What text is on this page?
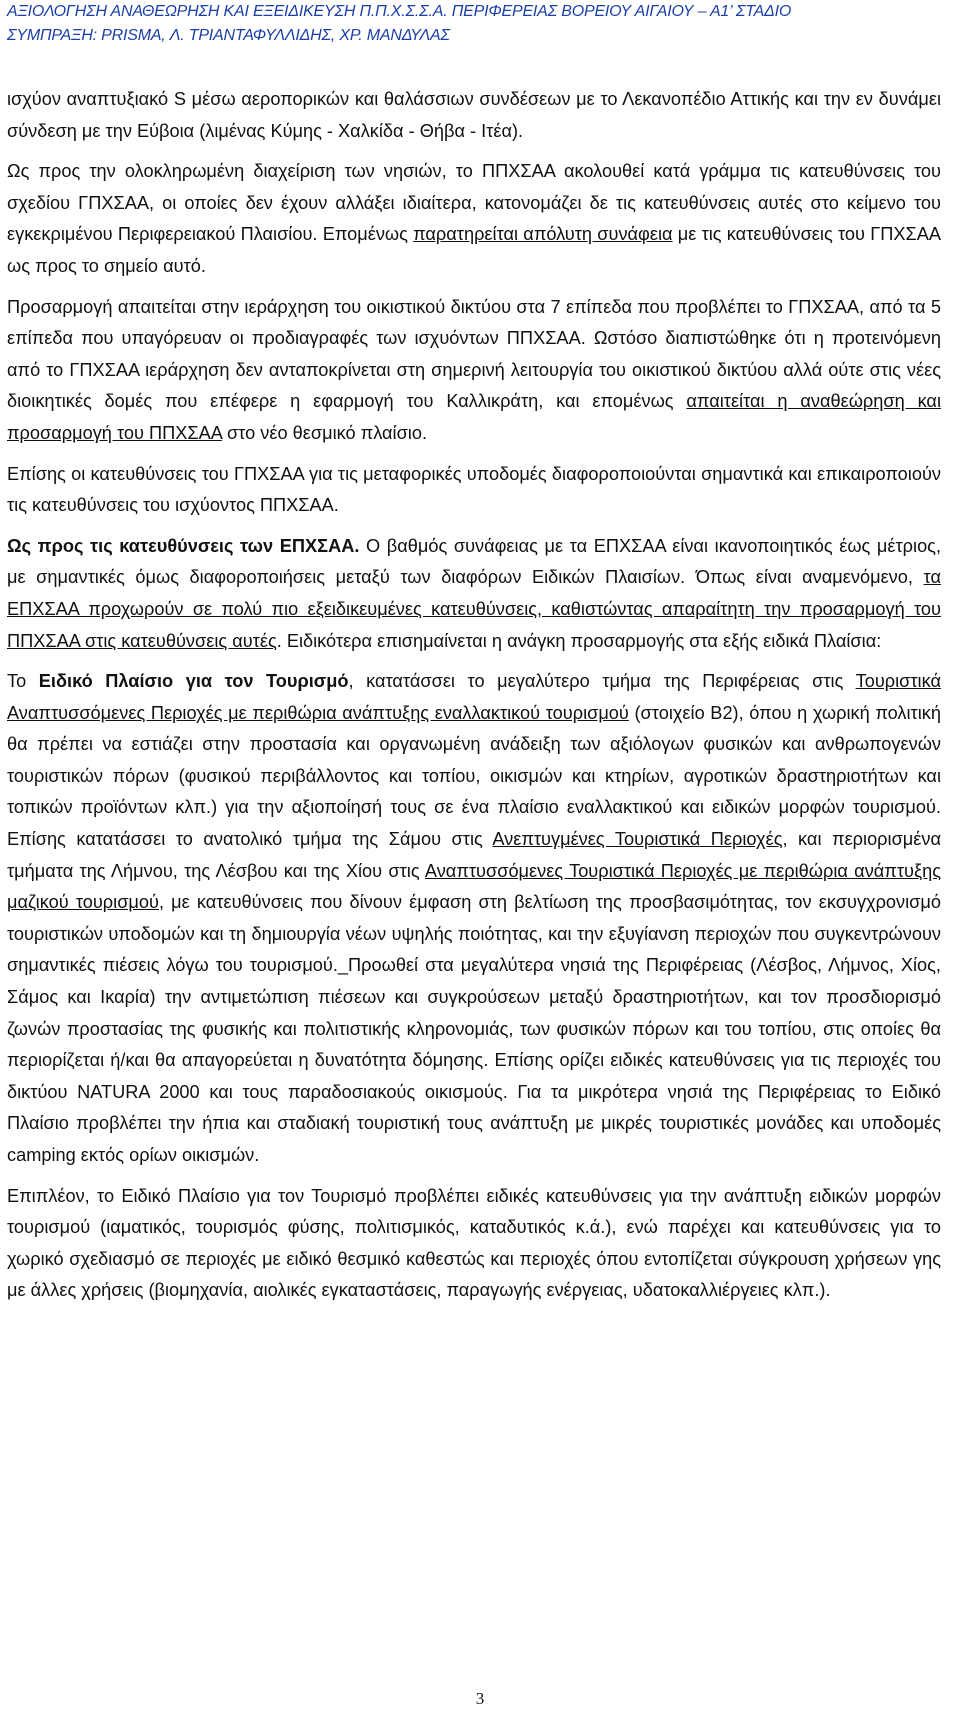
ΑΞΙΟΛΟΓΗΣΗ ΑΝΑΘΕΩΡΗΣΗ ΚΑΙ ΕΞΕΙΔΙΚΕΥΣΗ Π.Π.Χ.Σ.Σ.Α. ΠΕΡΙΦΕΡΕΙΑΣ ΒΟΡΕΙΟΥ ΑΙΓΑΙΟΥ – Α1’ ΣΤΑΔΙΟ
ΣΥΜΠΡΑΞΗ: PRISMA, Λ. ΤΡΙΑΝΤΑΦΥΛΛΙΔΗΣ, ΧΡ. ΜΑΝΔΥΛΑΣ

ισχύον αναπτυξιακό S μέσω αεροπορικών και θαλάσσιων συνδέσεων με το Λεκανοπέδιο Αττικής και την εν δυνάμει σύνδεση με την Εύβοια (λιμένας Κύμης - Χαλκίδα - Θήβα - Ιτέα).

Ως προς την ολοκληρωμένη διαχείριση των νησιών, το ΠΠΧΣΑΑ ακολουθεί κατά γράμμα τις κατευθύνσεις του σχεδίου ΓΠΧΣΑΑ, οι οποίες δεν έχουν αλλάξει ιδιαίτερα, κατονομάζει δε τις κατευθύνσεις αυτές στο κείμενο του εγκεκριμένου Περιφερειακού Πλαισίου. Επομένως παρατηρείται απόλυτη συνάφεια με τις κατευθύνσεις του ΓΠΧΣΑΑ ως προς το σημείο αυτό.

Προσαρμογή απαιτείται στην ιεράρχηση του οικιστικού δικτύου στα 7 επίπεδα που προβλέπει το ΓΠΧΣΑΑ, από τα 5 επίπεδα που υπαγόρευαν οι προδιαγραφές των ισχυόντων ΠΠΧΣΑΑ. Ωστόσο διαπιστώθηκε ότι η προτεινόμενη από το ΓΠΧΣΑΑ ιεράρχηση δεν ανταποκρίνεται στη σημερινή λειτουργία του οικιστικού δικτύου αλλά ούτε στις νέες διοικητικές δομές που επέφερε η εφαρμογή του Καλλικράτη, και επομένως απαιτείται η αναθεώρηση και προσαρμογή του ΠΠΧΣΑΑ στο νέο θεσμικό πλαίσιο.

Επίσης οι κατευθύνσεις του ΓΠΧΣΑΑ για τις μεταφορικές υποδομές διαφοροποιούνται σημαντικά και επικαιροποιούν τις κατευθύνσεις του ισχύοντος ΠΠΧΣΑΑ.

Ως προς τις κατευθύνσεις των ΕΠΧΣΑΑ. Ο βαθμός συνάφειας με τα ΕΠΧΣΑΑ είναι ικανοποιητικός έως μέτριος, με σημαντικές όμως διαφοροποιήσεις μεταξύ των διαφόρων Ειδικών Πλαισίων. Όπως είναι αναμενόμενο, τα ΕΠΧΣΑΑ προχωρούν σε πολύ πιο εξειδικευμένες κατευθύνσεις, καθιστώντας απαραίτητη την προσαρμογή του ΠΠΧΣΑΑ στις κατευθύνσεις αυτές. Ειδικότερα επισημαίνεται η ανάγκη προσαρμογής στα εξής ειδικά Πλαίσια:

Το Ειδικό Πλαίσιο για τον Τουρισμό, κατατάσσει το μεγαλύτερο τμήμα της Περιφέρειας στις Τουριστικά Αναπτυσσόμενες Περιοχές με περιθώρια ανάπτυξης εναλλακτικού τουρισμού (στοιχείο Β2), όπου η χωρική πολιτική θα πρέπει να εστιάζει στην προστασία και οργανωμένη ανάδειξη των αξιόλογων φυσικών και ανθρωπογενών τουριστικών πόρων (φυσικού περιβάλλοντος και τοπίου, οικισμών και κτηρίων, αγροτικών δραστηριοτήτων και τοπικών προϊόντων κλπ.) για την αξιοποίησή τους σε ένα πλαίσιο εναλλακτικού και ειδικών μορφών τουρισμού. Επίσης κατατάσσει το ανατολικό τμήμα της Σάμου στις Ανεπτυγμένες Τουριστικά Περιοχές, και περιορισμένα τμήματα της Λήμνου, της Λέσβου και της Χίου στις Αναπτυσσόμενες Τουριστικά Περιοχές με περιθώρια ανάπτυξης μαζικού τουρισμού, με κατευθύνσεις που δίνουν έμφαση στη βελτίωση της προσβασιμότητας, τον εκσυγχρονισμό τουριστικών υποδομών και τη δημιουργία νέων υψηλής ποιότητας, και την εξυγίανση περιοχών που συγκεντρώνουν σημαντικές πιέσεις λόγω του τουρισμού._Προωθεί στα μεγαλύτερα νησιά της Περιφέρειας (Λέσβος, Λήμνος, Χίος, Σάμος και Ικαρία) την αντιμετώπιση πιέσεων και συγκρούσεων μεταξύ δραστηριοτήτων, και τον προσδιορισμό ζωνών προστασίας της φυσικής και πολιτιστικής κληρονομιάς, των φυσικών πόρων και του τοπίου, στις οποίες θα περιορίζεται ή/και θα απαγορεύεται η δυνατότητα δόμησης. Επίσης ορίζει ειδικές κατευθύνσεις για τις περιοχές του δικτύου NATURA 2000 και τους παραδοσιακούς οικισμούς. Για τα μικρότερα νησιά της Περιφέρειας το Ειδικό Πλαίσιο προβλέπει την ήπια και σταδιακή τουριστική τους ανάπτυξη με μικρές τουριστικές μονάδες και υποδομές camping εκτός ορίων οικισμών.

Επιπλέον, το Ειδικό Πλαίσιο για τον Τουρισμό προβλέπει ειδικές κατευθύνσεις για την ανάπτυξη ειδικών μορφών τουρισμού (ιαματικός, τουρισμός φύσης, πολιτισμικός, καταδυτικός κ.ά.), ενώ παρέχει και κατευθύνσεις για το χωρικό σχεδιασμό σε περιοχές με ειδικό θεσμικό καθεστώς και περιοχές όπου εντοπίζεται σύγκρουση χρήσεων γης με άλλες χρήσεις (βιομηχανία, αιολικές εγκαταστάσεις, παραγωγής ενέργειας, υδατοκαλλιέργειες κλπ.).

3
